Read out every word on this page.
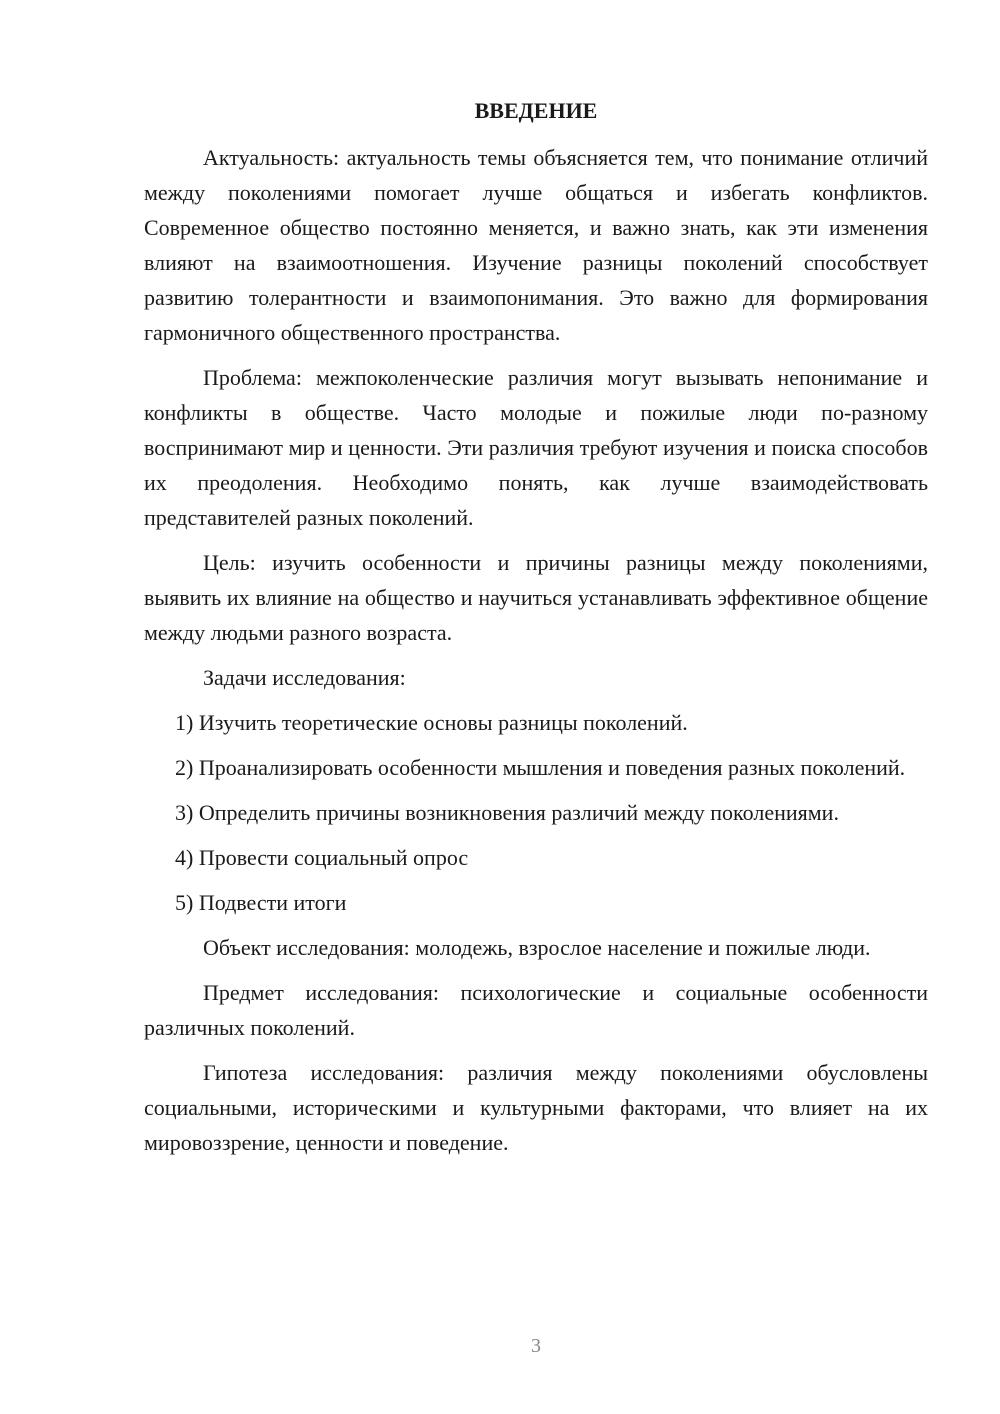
ВВЕДЕНИЕ

Актуальность: актуальность темы объясняется тем, что понимание отличий между поколениями помогает лучше общаться и избегать конфликтов. Современное общество постоянно меняется, и важно знать, как эти изменения влияют на взаимоотношения. Изучение разницы поколений способствует развитию толерантности и взаимопонимания. Это важно для формирования гармоничного общественного пространства.

Проблема: межпоколенческие различия могут вызывать непонимание и конфликты в обществе. Часто молодые и пожилые люди по-разному воспринимают мир и ценности. Эти различия требуют изучения и поиска способов их преодоления. Необходимо понять, как лучше взаимодействовать представителей разных поколений.

Цель: изучить особенности и причины разницы между поколениями, выявить их влияние на общество и научиться устанавливать эффективное общение между людьми разного возраста.

Задачи исследования:

1) Изучить теоретические основы разницы поколений.

2) Проанализировать особенности мышления и поведения разных поколений.

3) Определить причины возникновения различий между поколениями.

4) Провести социальный опрос

5) Подвести итоги

Объект исследования: молодежь, взрослое население и пожилые люди.

Предмет исследования: психологические и социальные особенности различных поколений.

Гипотеза исследования: различия между поколениями обусловлены социальными, историческими и культурными факторами, что влияет на их мировоззрение, ценности и поведение.

3
